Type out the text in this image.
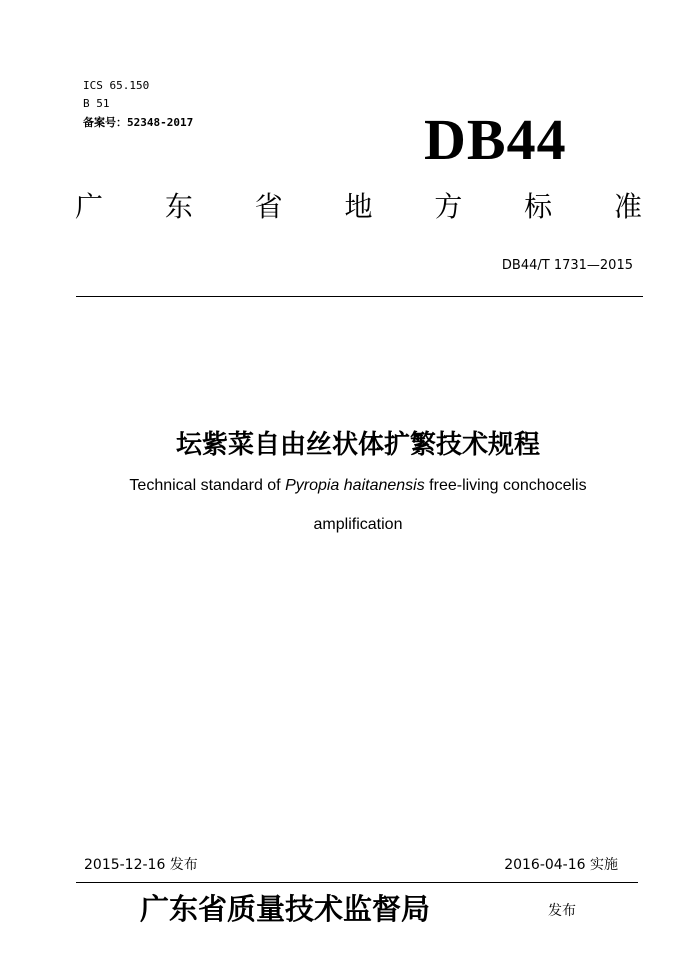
ICS 65.150
B 51
备案号：52348-2017	DB44
广 东 省 地 方 标 准
DB44/T 1731—2015
坛紫菜自由丝状体扩繁技术规程
Technical standard of Pyropia haitanensis free-living conchocelis
amplification
2015-12-16 发布	2016-04-16 实施
广东省质量技术监督局	发布
